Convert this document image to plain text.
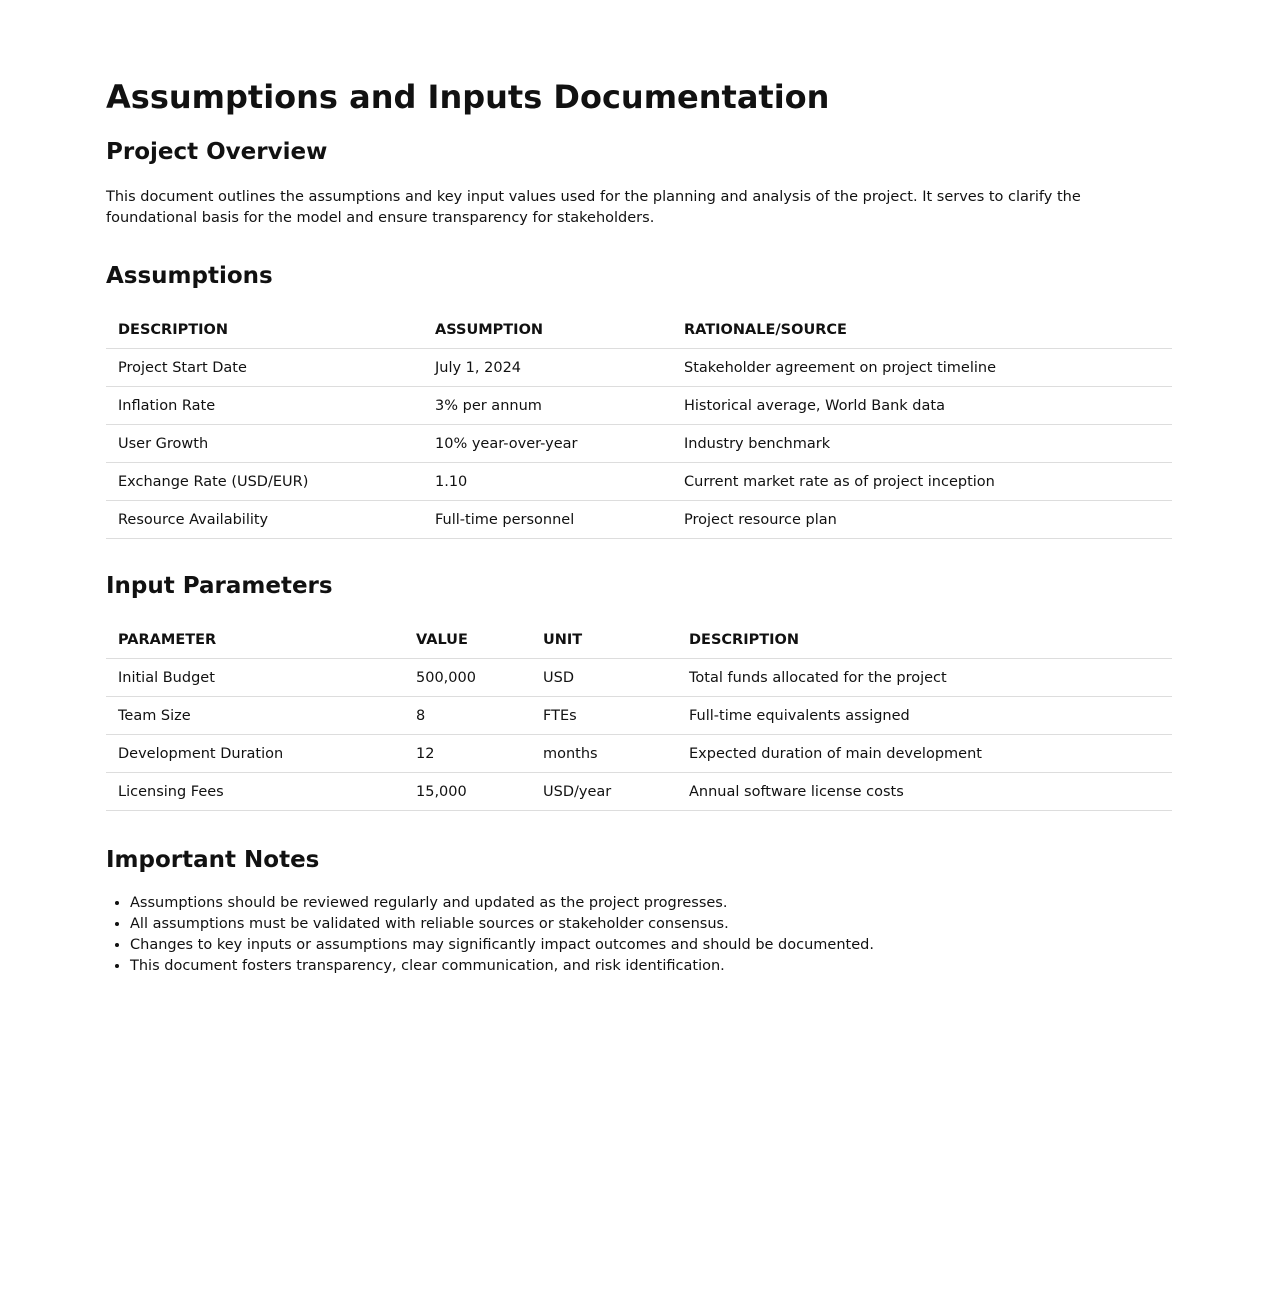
Assumptions and Inputs Documentation
Project Overview

This document outlines the assumptions and key input values used for the planning and analysis of the project. It serves to clarify the foundational basis for the model and ensure transparency for stakeholders.

Assumptions
DESCRIPTION	ASSUMPTION	RATIONALE/SOURCE
Project Start Date	July 1, 2024	Stakeholder agreement on project timeline
Inflation Rate	3% per annum	Historical average, World Bank data
User Growth	10% year-over-year	Industry benchmark
Exchange Rate (USD/EUR)	1.10	Current market rate as of project inception
Resource Availability	Full-time personnel	Project resource plan
Input Parameters
PARAMETER	VALUE	UNIT	DESCRIPTION
Initial Budget	500,000	USD	Total funds allocated for the project
Team Size	8	FTEs	Full-time equivalents assigned
Development Duration	12	months	Expected duration of main development
Licensing Fees	15,000	USD/year	Annual software license costs
Important Notes
• Assumptions should be reviewed regularly and updated as the project progresses.
• All assumptions must be validated with reliable sources or stakeholder consensus.
• Changes to key inputs or assumptions may significantly impact outcomes and should be documented.
• This document fosters transparency, clear communication, and risk identification.
